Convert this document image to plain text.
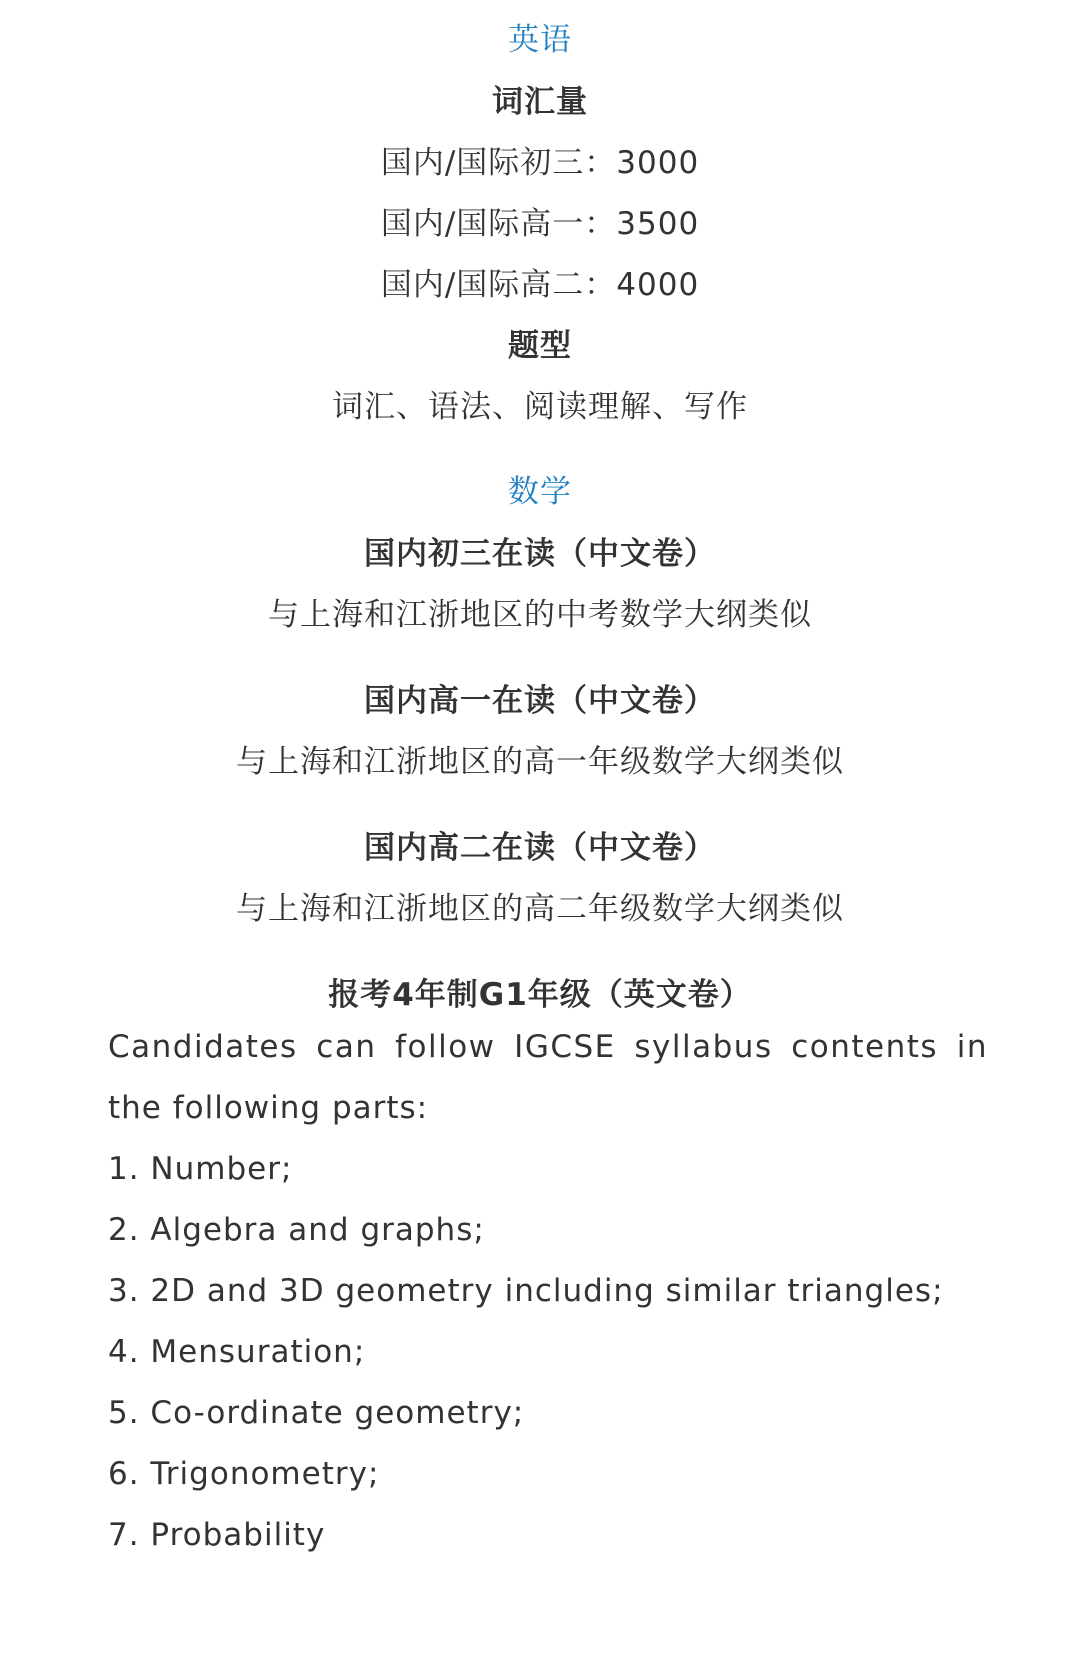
英语
词汇量
国内/国际初三：3000
国内/国际高一：3500
国内/国际高二：4000
题型
词汇、语法、阅读理解、写作
数学
国内初三在读（中文卷）
与上海和江浙地区的中考数学大纲类似
国内高一在读（中文卷）
与上海和江浙地区的高一年级数学大纲类似
国内高二在读（中文卷）
与上海和江浙地区的高二年级数学大纲类似
报考4年制G1年级（英文卷）
Candidates can follow IGCSE syllabus contents in
the following parts:
1. Number;
2. Algebra and graphs;
3. 2D and 3D geometry including similar triangles;
4. Mensuration;
5. Co-ordinate geometry;
6. Trigonometry;
7. Probability
